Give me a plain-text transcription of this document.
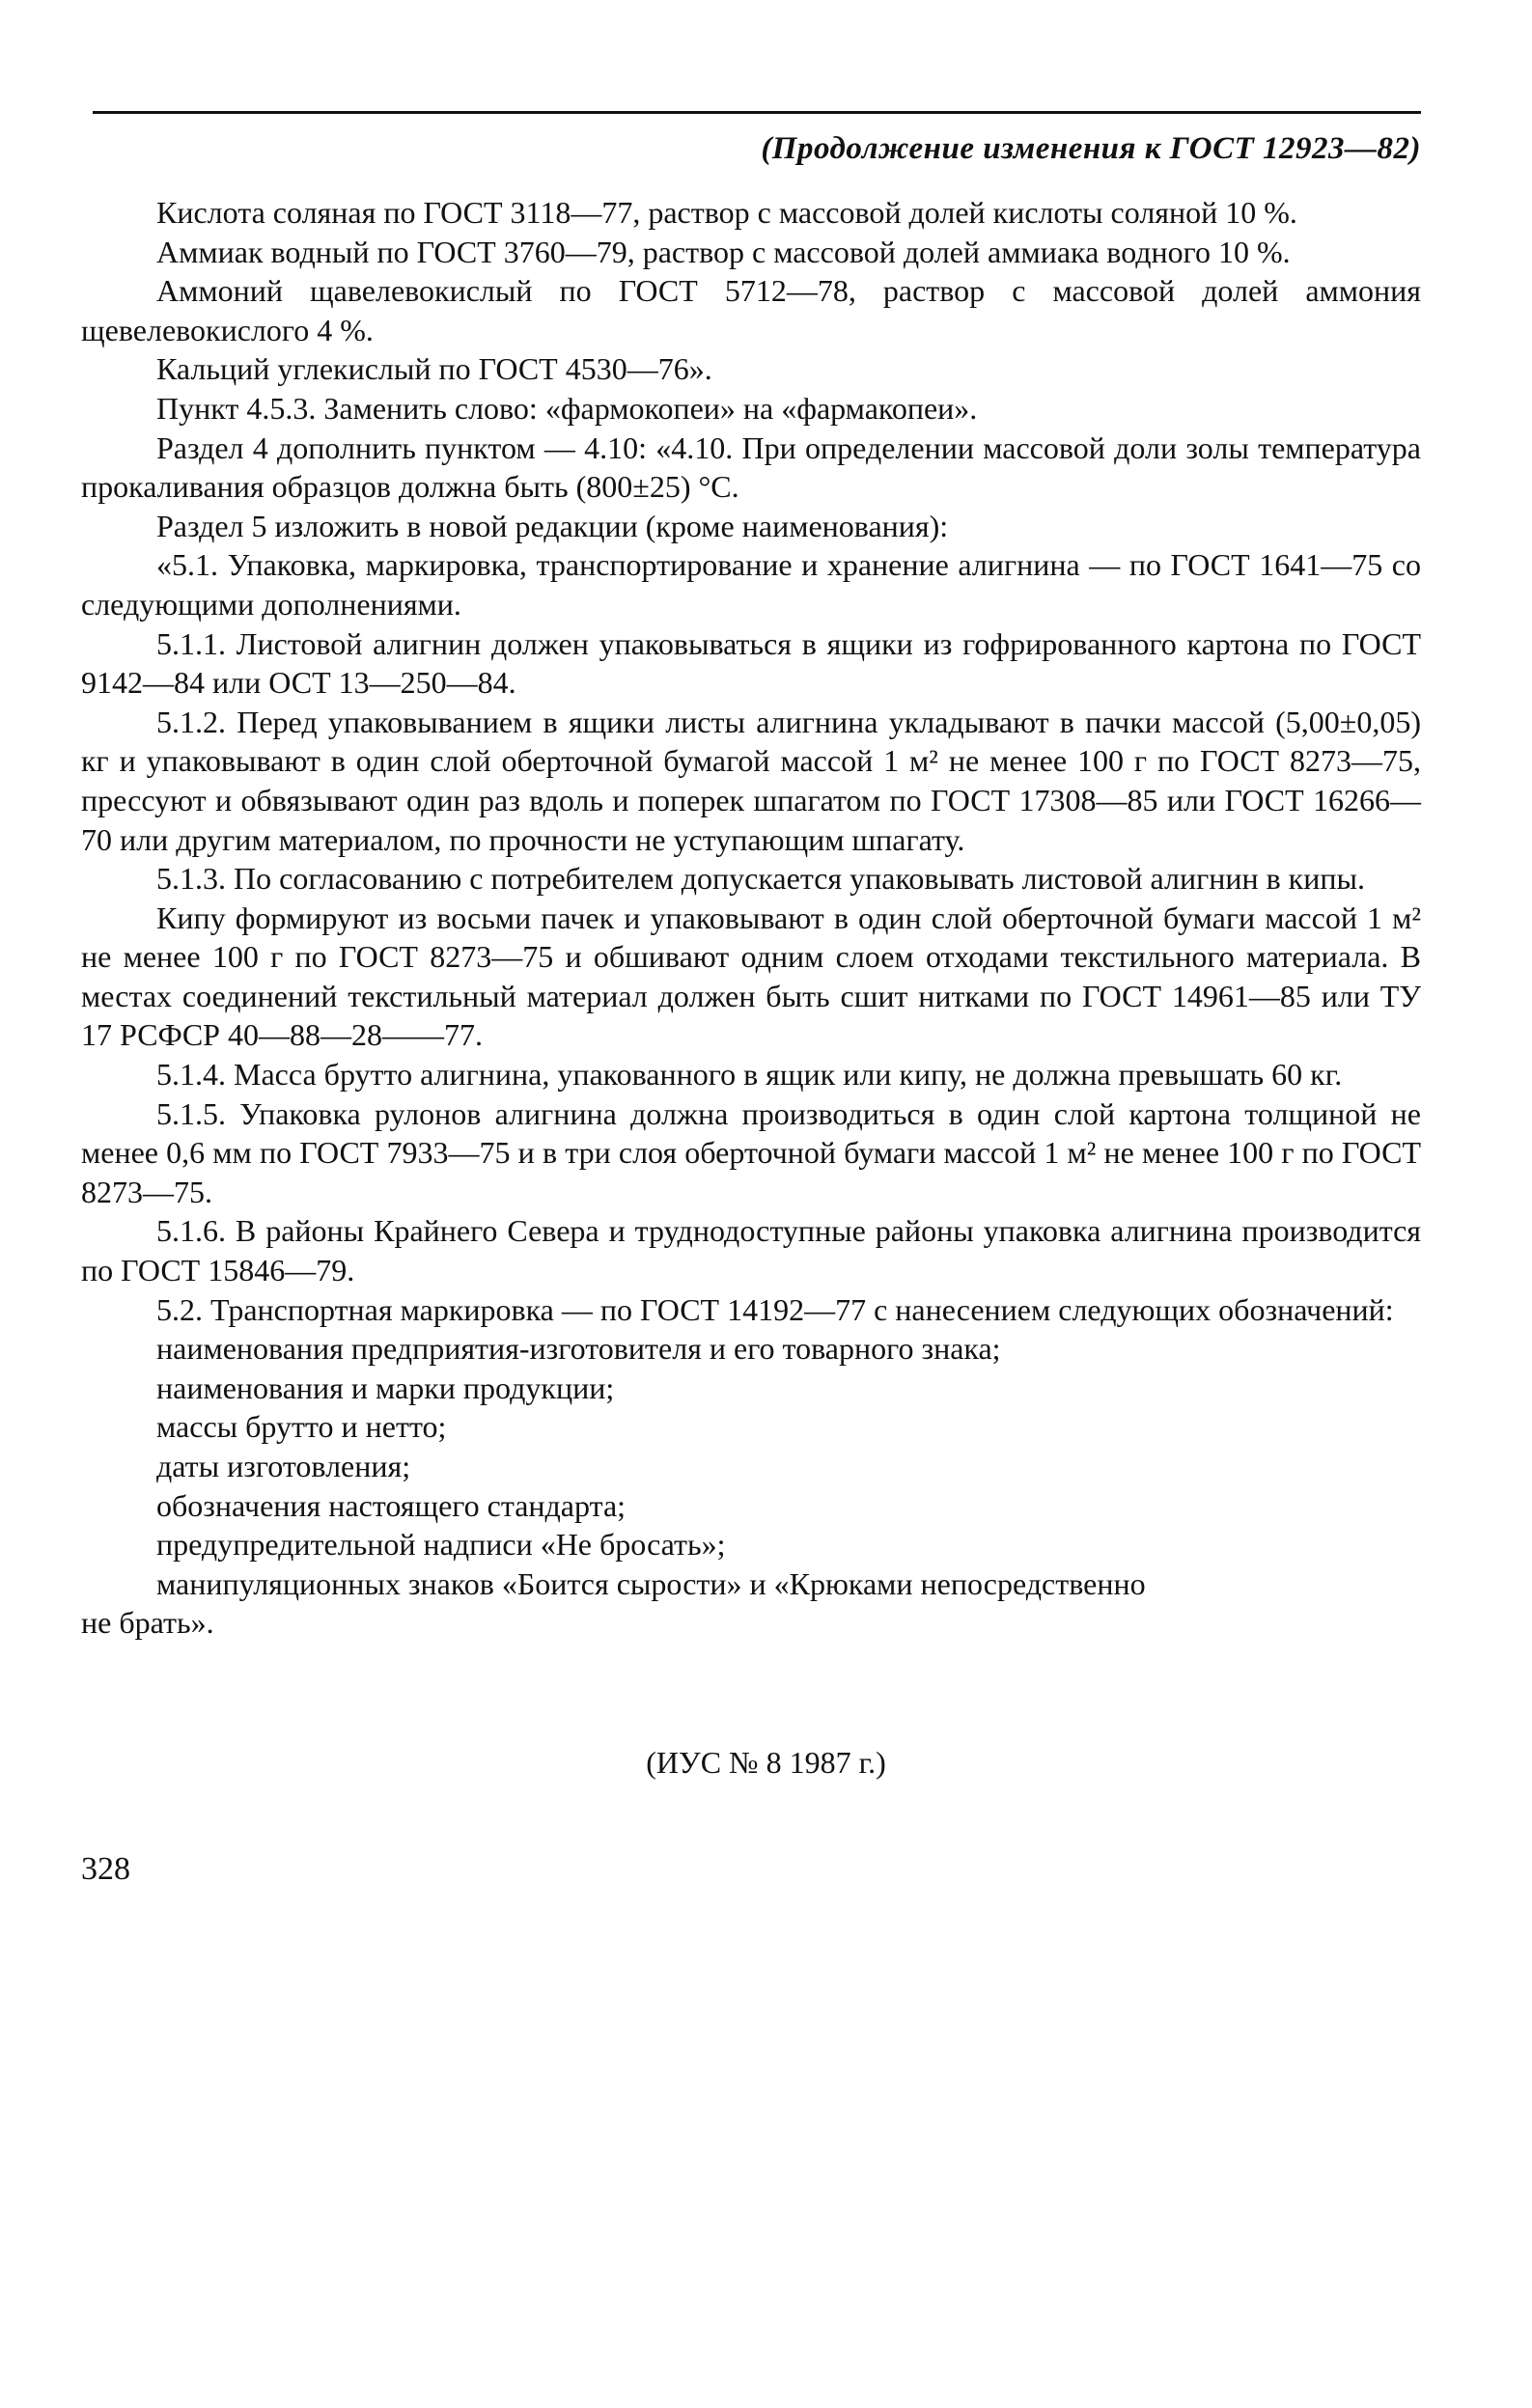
(Продолжение изменения к ГОСТ 12923—82)

Кислота соляная по ГОСТ 3118—77, раствор с массовой долей кислоты соляной 10 %.

Аммиак водный по ГОСТ 3760—79, раствор с массовой долей аммиака водного 10 %.

Аммоний щавелевокислый по ГОСТ 5712—78, раствор с массовой долей аммония щевелевокислого 4 %.

Кальций углекислый по ГОСТ 4530—76».

Пункт 4.5.3. Заменить слово: «фармокопеи» на «фармакопеи».

Раздел 4 дополнить пунктом — 4.10: «4.10. При определении массовой доли золы температура прокаливания образцов должна быть (800±25) °С.

Раздел 5 изложить в новой редакции (кроме наименования):

«5.1. Упаковка, маркировка, транспортирование и хранение алигнина — по ГОСТ 1641—75 со следующими дополнениями.

5.1.1. Листовой алигнин должен упаковываться в ящики из гофрированного картона по ГОСТ 9142—84 или ОСТ 13—250—84.

5.1.2. Перед упаковыванием в ящики листы алигнина укладывают в пачки массой (5,00±0,05) кг и упаковывают в один слой оберточной бумагой массой 1 м² не менее 100 г по ГОСТ 8273—75, прессуют и обвязывают один раз вдоль и поперек шпагатом по ГОСТ 17308—85 или ГОСТ 16266—70 или другим материалом, по прочности не уступающим шпагату.

5.1.3. По согласованию с потребителем допускается упаковывать листовой алигнин в кипы.

Кипу формируют из восьми пачек и упаковывают в один слой оберточной бумаги массой 1 м² не менее 100 г по ГОСТ 8273—75 и обшивают одним слоем отходами текстильного материала. В местах соединений текстильный материал должен быть сшит нитками по ГОСТ 14961—85 или ТУ 17 РСФСР 40—88—28——77.

5.1.4. Масса брутто алигнина, упакованного в ящик или кипу, не должна превышать 60 кг.

5.1.5. Упаковка рулонов алигнина должна производиться в один слой картона толщиной не менее 0,6 мм по ГОСТ 7933—75 и в три слоя оберточной бумаги массой 1 м² не менее 100 г по ГОСТ 8273—75.

5.1.6. В районы Крайнего Севера и труднодоступные районы упаковка алигнина производится по ГОСТ 15846—79.

5.2. Транспортная маркировка — по ГОСТ 14192—77 с нанесением следующих обозначений:

наименования предприятия-изготовителя и его товарного знака;

наименования и марки продукции;

массы брутто и нетто;

даты изготовления;

обозначения настоящего стандарта;

предупредительной надписи «Не бросать»;

манипуляционных знаков «Боится сырости» и «Крюками непосредственно
не брать».

(ИУС № 8 1987 г.)
328
